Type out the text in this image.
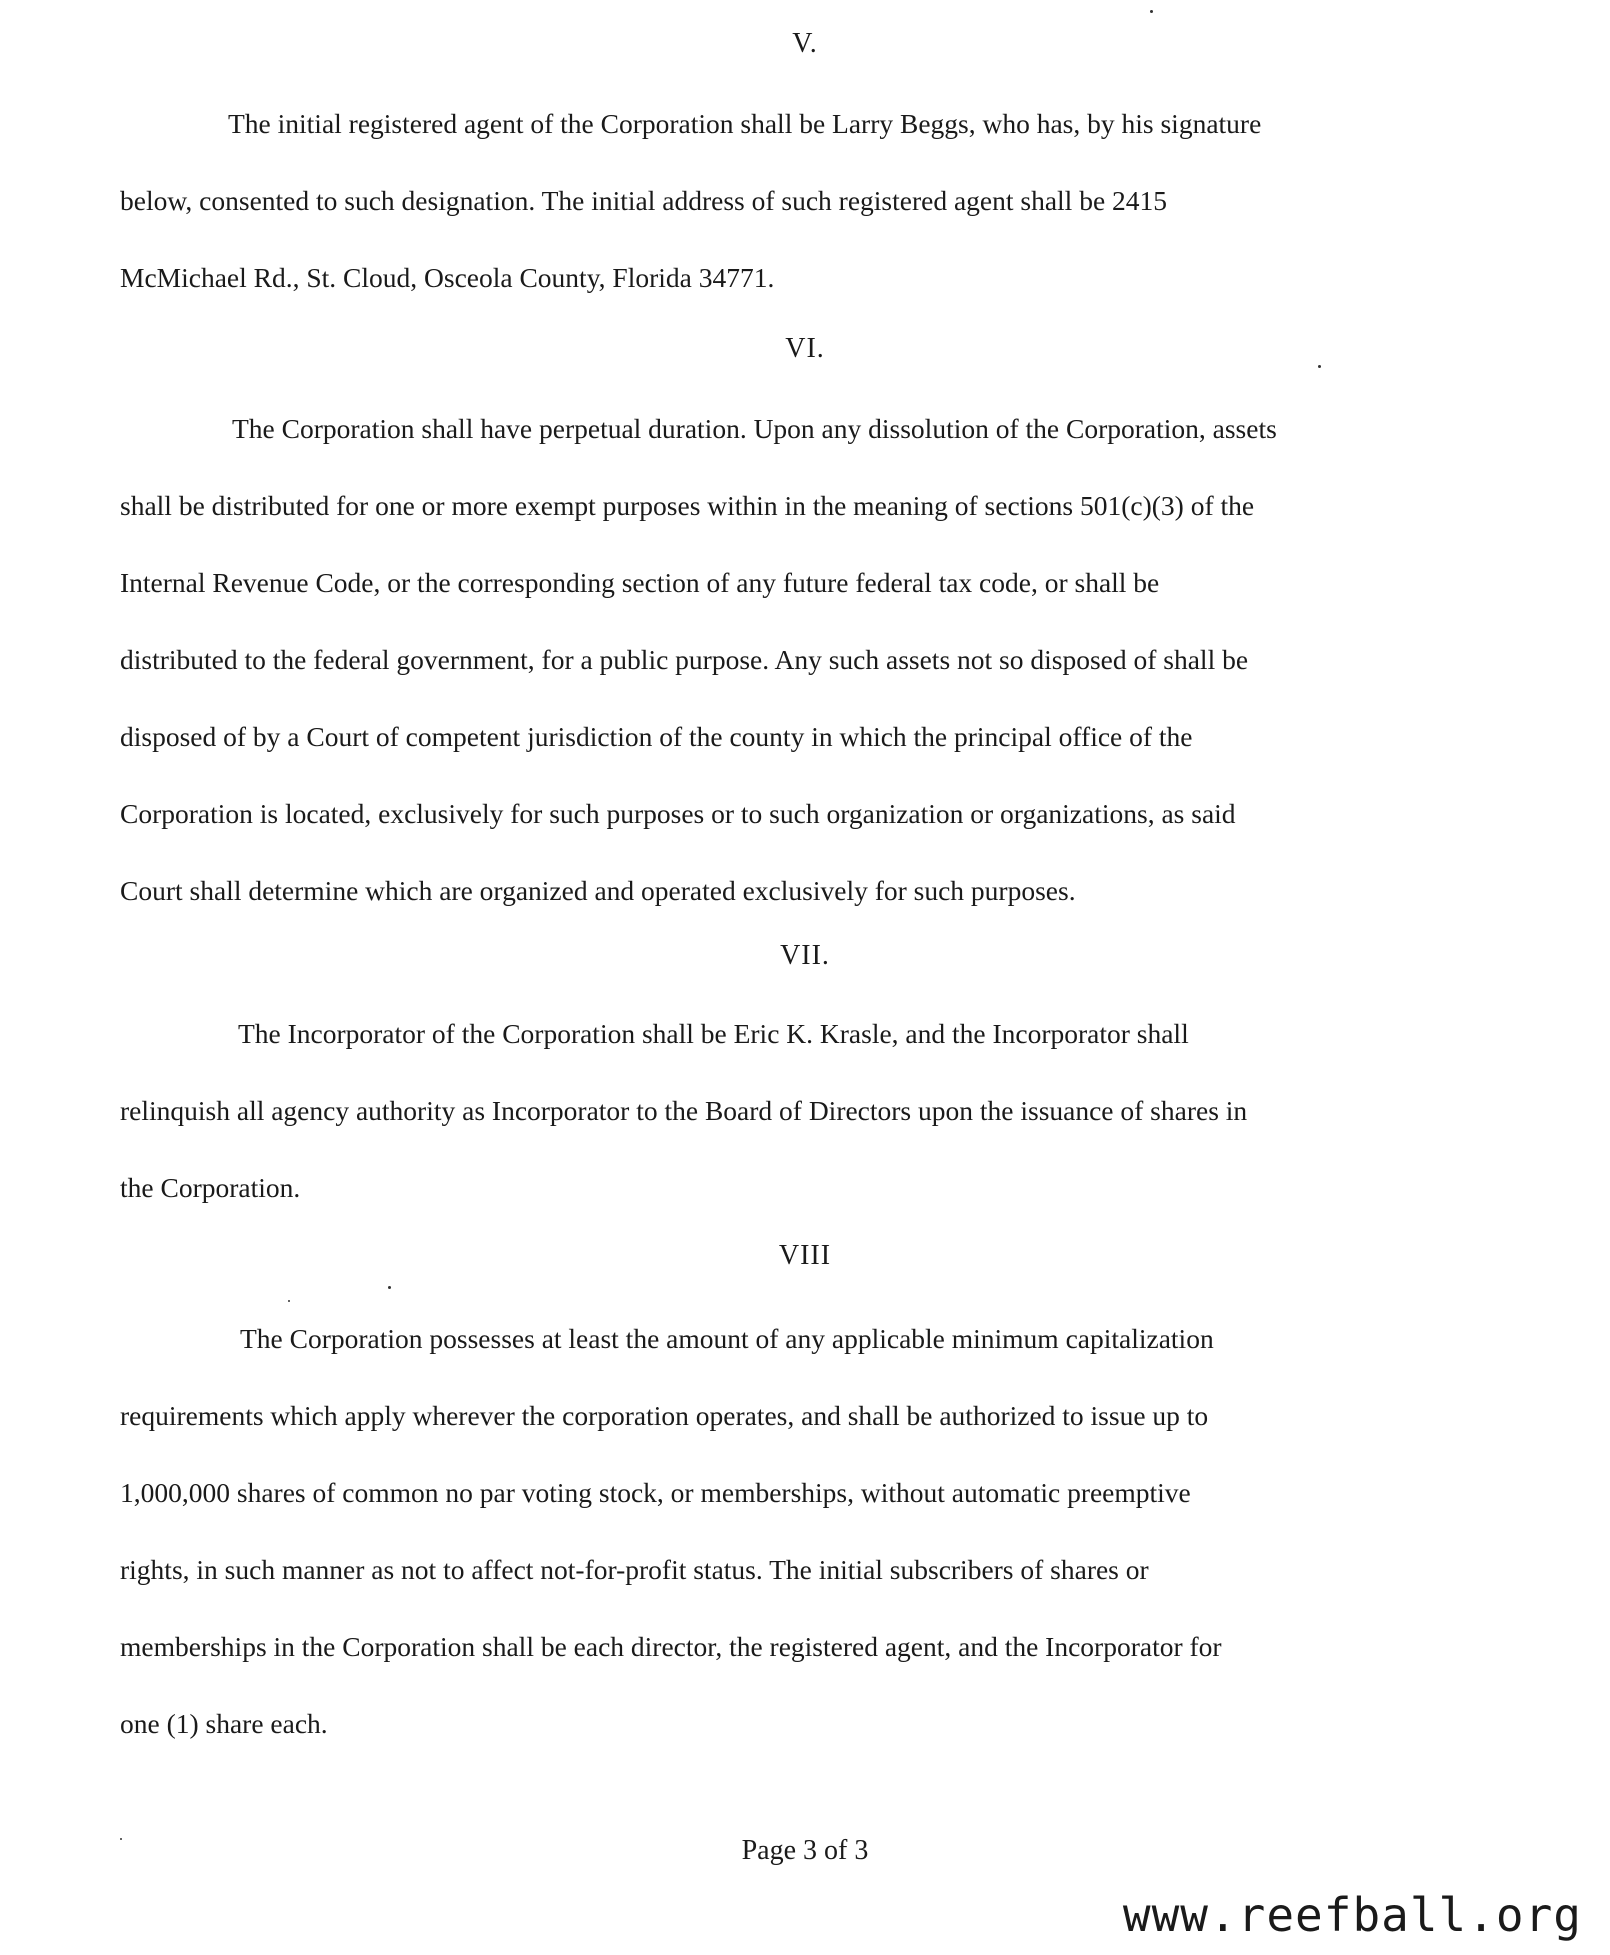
V.
The initial registered agent of the Corporation shall be Larry Beggs, who has, by his signature
below, consented to such designation. The initial address of such registered agent shall be 2415
McMichael Rd., St. Cloud, Osceola County, Florida 34771.
VI.
The Corporation shall have perpetual duration. Upon any dissolution of the Corporation, assets
shall be distributed for one or more exempt purposes within in the meaning of sections 501(c)(3) of the
Internal Revenue Code, or the corresponding section of any future federal tax code, or shall be
distributed to the federal government, for a public purpose. Any such assets not so disposed of shall be
disposed of by a Court of competent jurisdiction of the county in which the principal office of the
Corporation is located, exclusively for such purposes or to such organization or organizations, as said
Court shall determine which are organized and operated exclusively for such purposes.
VII.
The Incorporator of the Corporation shall be Eric K. Krasle, and the Incorporator shall
relinquish all agency authority as Incorporator to the Board of Directors upon the issuance of shares in
the Corporation.
VIII
The Corporation possesses at least the amount of any applicable minimum capitalization
requirements which apply wherever the corporation operates, and shall be authorized to issue up to
1,000,000 shares of common no par voting stock, or memberships, without automatic preemptive
rights, in such manner as not to affect not-for-profit status. The initial subscribers of shares or
memberships in the Corporation shall be each director, the registered agent, and the Incorporator for
one (1) share each.
Page 3 of 3
www.reefball.org
